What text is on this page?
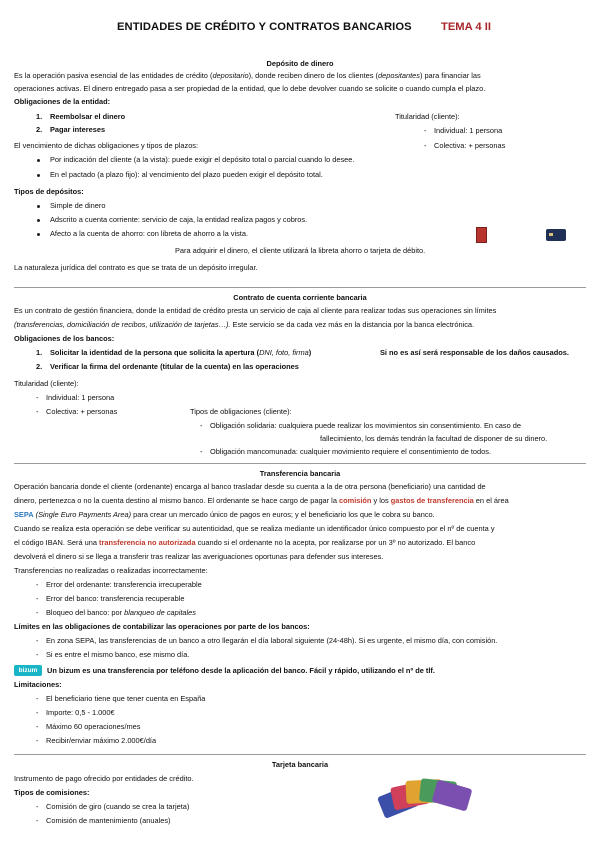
ENTIDADES DE CRÉDITO Y CONTRATOS BANCARIOS	TEMA 4 II
Depósito de dinero
Es la operación pasiva esencial de las entidades de crédito (depositario), donde reciben dinero de los clientes (depositantes) para financiar las
operaciones activas. El dinero entregado pasa a ser propiedad de la entidad, que lo debe devolver cuando se solicite o cuando cumpla el plazo.
Obligaciones de la entidad:
1. Reembolsar el dinero
2. Pagar intereses
Titularidad (cliente):
- Individual: 1 persona
- Colectiva: + personas
El vencimiento de dichas obligaciones y tipos de plazos:
Por indicación del cliente (a la vista): puede exigir el depósito total o parcial cuando lo desee.
En el pactado (a plazo fijo): al vencimiento del plazo pueden exigir el depósito total.
Tipos de depósitos:
Simple de dinero
Adscrito a cuenta corriente: servicio de caja, la entidad realiza pagos y cobros.
Afecto a la cuenta de ahorro: con libreta de ahorro a la vista.
Para adquirir el dinero, el cliente utilizará la libreta ahorro o tarjeta de débito.
La naturaleza jurídica del contrato es que se trata de un depósito irregular.
Contrato de cuenta corriente bancaria
Es un contrato de gestión financiera, donde la entidad de crédito presta un servicio de caja al cliente para realizar todas sus operaciones sin límites
(transferencias, domiciliación de recibos, utilización de tarjetas…). Este servicio se da cada vez más en la distancia por la banca electrónica.
Obligaciones de los bancos:
1. Solicitar la identidad de la persona que solicita la apertura (DNI, foto, firma)	Si no es así será responsable de los daños causados.
2. Verificar la firma del ordenante (titular de la cuenta) en las operaciones
Titularidad (cliente):
- Individual: 1 persona
- Colectiva: + personas	Tipos de obligaciones (cliente):
- Obligación solidaria: cualquiera puede realizar los movimientos sin consentimiento. En caso de
fallecimiento, los demás tendrán la facultad de disponer de su dinero.
- Obligación mancomunada: cualquier movimiento requiere el consentimiento de todos.
Transferencia bancaria
Operación bancaria donde el cliente (ordenante) encarga al banco trasladar desde su cuenta a la de otra persona (beneficiario) una cantidad de
dinero, pertenezca o no la cuenta destino al mismo banco. El ordenante se hace cargo de pagar la comisión y los gastos de transferencia en el área
SEPA (Single Euro Payments Area) para crear un mercado único de pagos en euros; y el beneficiario los que le cobra su banco.
Cuando se realiza esta operación se debe verificar su autenticidad, que se realiza mediante un identificador único compuesto por el nº de cuenta y
el código IBAN. Será una transferencia no autorizada cuando si el ordenante no la acepta, por realizarse por un 3º no autorizado. El banco
devolverá el dinero si se llega a transferir tras realizar las averiguaciones oportunas para defender sus intereses.
Transferencias no realizadas o realizadas incorrectamente:
- Error del ordenante: transferencia irrecuperable
- Error del banco: transferencia recuperable
- Bloqueo del banco: por blanqueo de capitales
Límites en las obligaciones de contabilizar las operaciones por parte de los bancos:
- En zona SEPA, las transferencias de un banco a otro llegarán el día laboral siguiente (24-48h). Si es urgente, el mismo día, con comisión.
- Si es entre el mismo banco, ese mismo día.
bizum	Un bizum es una transferencia por teléfono desde la aplicación del banco. Fácil y rápido, utilizando el nº de tlf.
Limitaciones:
- El beneficiario tiene que tener cuenta en España
- Importe: 0,5 - 1.000€
- Máximo 60 operaciones/mes
- Recibir/enviar máximo 2.000€/día
Tarjeta bancaria
Instrumento de pago ofrecido por entidades de crédito.
Tipos de comisiones:
- Comisión de giro (cuando se crea la tarjeta)
- Comisión de mantenimiento (anuales)
